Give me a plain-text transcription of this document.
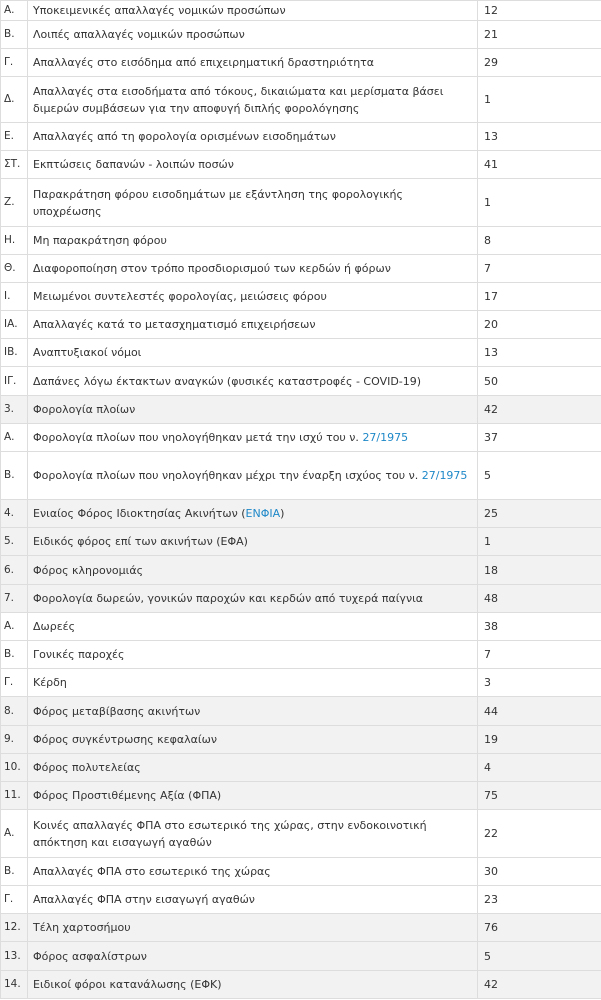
Α.	Υποκειμενικές απαλλαγές νομικών προσώπων	12
Β.	Λοιπές απαλλαγές νομικών προσώπων	21
Γ.	Απαλλαγές στο εισόδημα από επιχειρηματική δραστηριότητα	29
Δ.	Απαλλαγές στα εισοδήματα από τόκους, δικαιώματα και μερίσματα βάσει διμερών συμβάσεων για την αποφυγή διπλής φορολόγησης	1
Ε.	Απαλλαγές από τη φορολογία ορισμένων εισοδημάτων	13
ΣΤ.	Εκπτώσεις δαπανών - λοιπών ποσών	41
Ζ.	Παρακράτηση φόρου εισοδημάτων με εξάντληση της φορολογικής υποχρέωσης	1
Η.	Μη παρακράτηση φόρου	8
Θ.	Διαφοροποίηση στον τρόπο προσδιορισμού των κερδών ή φόρων	7
Ι.	Μειωμένοι συντελεστές φορολογίας, μειώσεις φόρου	17
ΙΑ.	Απαλλαγές κατά το μετασχηματισμό επιχειρήσεων	20
ΙΒ.	Αναπτυξιακοί νόμοι	13
ΙΓ.	Δαπάνες λόγω έκτακτων αναγκών (φυσικές καταστροφές - COVID-19)	50
3.	Φορολογία πλοίων	42
Α.	Φορολογία πλοίων που νηολογήθηκαν μετά την ισχύ του ν. 27/1975	37
Β.	Φορολογία πλοίων που νηολογήθηκαν μέχρι την έναρξη ισχύος του ν. 27/1975	5
4.	Ενιαίος Φόρος Ιδιοκτησίας Ακινήτων (ΕΝΦΙΑ)	25
5.	Ειδικός φόρος επί των ακινήτων (ΕΦΑ)	1
6.	Φόρος κληρονομιάς	18
7.	Φορολογία δωρεών, γονικών παροχών και κερδών από τυχερά παίγνια	48
Α.	Δωρεές	38
Β.	Γονικές παροχές	7
Γ.	Κέρδη	3
8.	Φόρος μεταβίβασης ακινήτων	44
9.	Φόρος συγκέντρωσης κεφαλαίων	19
10.	Φόρος πολυτελείας	4
11.	Φόρος Προστιθέμενης Αξία (ΦΠΑ)	75
Α.	Κοινές απαλλαγές ΦΠΑ στο εσωτερικό της χώρας, στην ενδοκοινοτική απόκτηση και εισαγωγή αγαθών	22
Β.	Απαλλαγές ΦΠΑ στο εσωτερικό της χώρας	30
Γ.	Απαλλαγές ΦΠΑ στην εισαγωγή αγαθών	23
12.	Τέλη χαρτοσήμου	76
13.	Φόρος ασφαλίστρων	5
14.	Ειδικοί φόροι κατανάλωσης (ΕΦΚ)	42
